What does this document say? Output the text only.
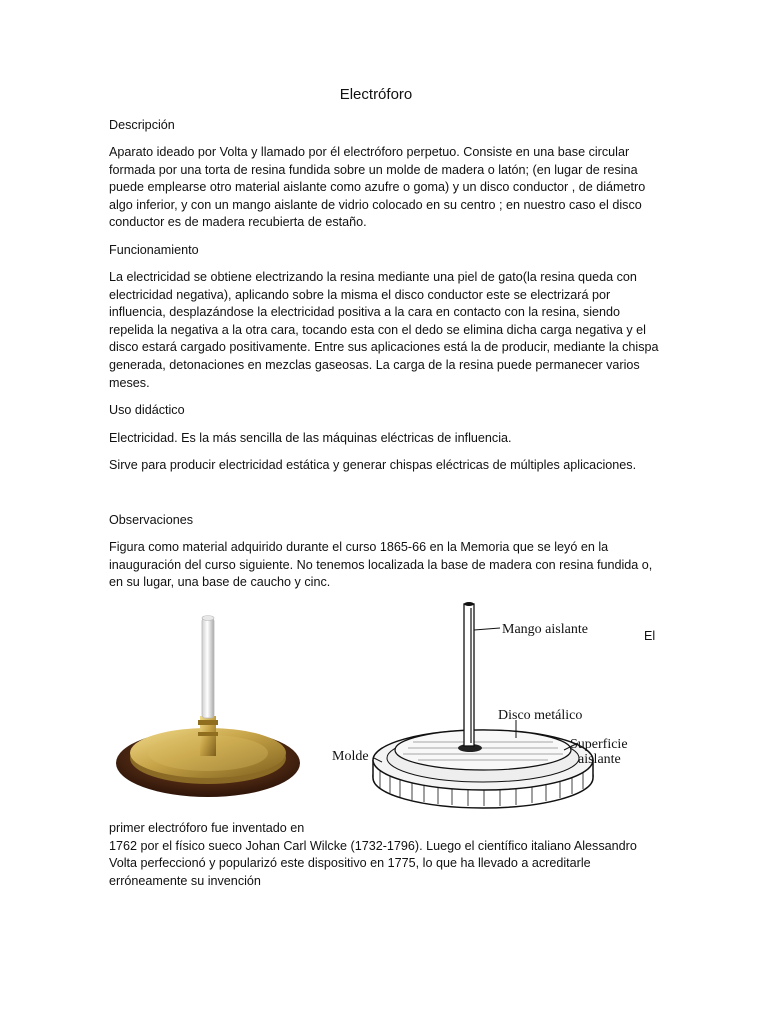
Electróforo

Descripción

Aparato ideado por Volta y llamado por él electróforo perpetuo. Consiste en una base circular formada por una torta de resina fundida sobre un molde de madera o latón; (en lugar de resina puede emplearse otro material aislante como azufre o goma) y un disco conductor , de diámetro algo inferior, y con un mango aislante de vidrio colocado en su centro ; en nuestro caso el disco conductor es de madera recubierta de estaño.

Funcionamiento

La electricidad se obtiene electrizando la resina mediante una piel de gato(la resina queda con electricidad negativa), aplicando sobre la misma el disco conductor este se electrizará por influencia, desplazándose la electricidad positiva a la cara en contacto con la resina, siendo repelida la negativa a la otra cara, tocando esta con el dedo se elimina dicha carga negativa y el disco estará cargado positivamente. Entre sus aplicaciones está la de producir, mediante la chispa generada, detonaciones en mezclas gaseosas. La carga de la resina puede permanecer varios meses.

Uso didáctico

Electricidad. Es la más sencilla de las máquinas eléctricas de influencia.

Sirve para producir electricidad estática y generar chispas eléctricas de múltiples aplicaciones.

Observaciones

Figura como material adquirido durante el curso 1865-66 en la Memoria que se leyó en la inauguración del curso siguiente. No tenemos localizada la base de madera con resina fundida o, en su lugar, una base de caucho y cinc.

Mango aislante
Disco metálico
Molde
Superficie
aislante
El
primer electróforo fue inventado en
1762 por el físico sueco Johan Carl Wilcke (1732-1796). Luego el científico italiano Alessandro Volta perfeccionó y popularizó este dispositivo en 1775, lo que ha llevado a acreditarle erróneamente su invención
